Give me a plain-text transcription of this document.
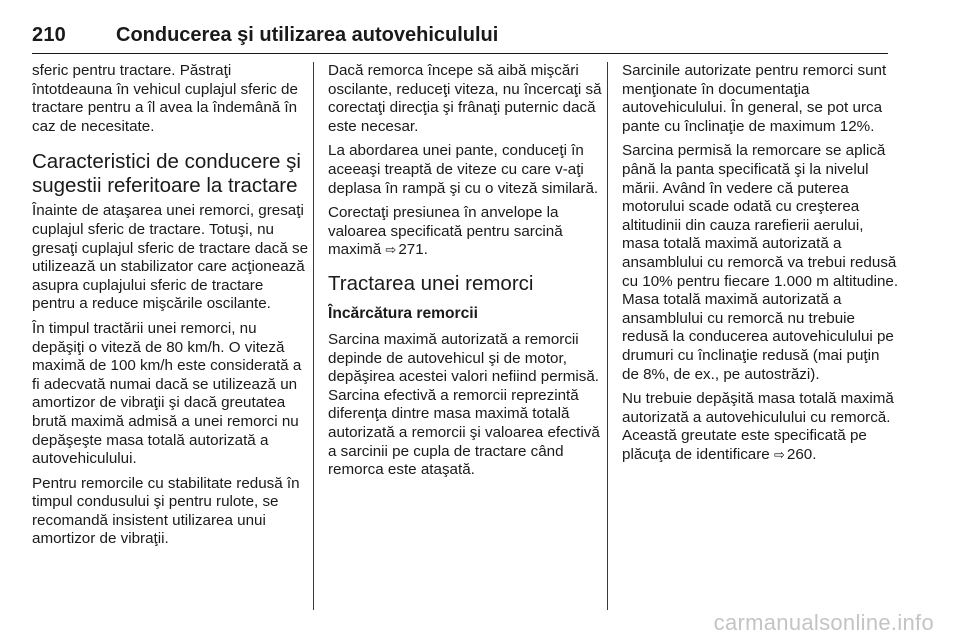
210	Conducerea şi utilizarea autovehiculului

sferic pentru tractare. Păstraţi întotdeauna în vehicul cuplajul sferic de tractare pentru a îl avea la îndemână în caz de necesitate.

Caracteristici de conducere şi sugestii referitoare la tractare

Înainte de ataşarea unei remorci, gresaţi cuplajul sferic de tractare. Totuşi, nu gresaţi cuplajul sferic de tractare dacă se utilizează un stabilizator care acţionează asupra cuplajului sferic de tractare pentru a reduce mişcările oscilante.

În timpul tractării unei remorci, nu depăşiţi o viteză de 80 km/h. O viteză maximă de 100 km/h este considerată a fi adecvată numai dacă se utilizează un amortizor de vibraţii şi dacă greutatea brută maximă admisă a unei remorci nu depăşeşte masa totală autorizată a autovehiculului.

Pentru remorcile cu stabilitate redusă în timpul condusului şi pentru rulote, se recomandă insistent utilizarea unui amortizor de vibraţii.

Dacă remorca începe să aibă mişcări oscilante, reduceţi viteza, nu încercaţi să corectaţi direcţia şi frânaţi puternic dacă este necesar.

La abordarea unei pante, conduceţi în aceeaşi treaptă de viteze cu care v-aţi deplasa în rampă şi cu o viteză similară.

Corectaţi presiunea în anvelope la valoarea specificată pentru sarcină maximă ⇨ 271.

Tractarea unei remorci
Încărcătura remorcii

Sarcina maximă autorizată a remorcii depinde de autovehicul şi de motor, depăşirea acestei valori nefiind permisă. Sarcina efectivă a remorcii reprezintă diferenţa dintre masa maximă totală autorizată a remorcii şi valoarea efectivă a sarcinii pe cupla de tractare când remorca este ataşată.

Sarcinile autorizate pentru remorci sunt menţionate în documentaţia autovehiculului. În general, se pot urca pante cu înclinaţie de maximum 12%.

Sarcina permisă la remorcare se aplică până la panta specificată şi la nivelul mării. Având în vedere că puterea motorului scade odată cu creşterea altitudinii din cauza rarefierii aerului, masa totală maximă autorizată a ansamblului cu remorcă va trebui redusă cu 10% pentru fiecare 1.000 m altitudine. Masa totală maximă autorizată a ansamblului cu remorcă nu trebuie redusă la conducerea autovehiculului pe drumuri cu înclinaţie redusă (mai puţin de 8%, de ex., pe autostrăzi).

Nu trebuie depăşită masa totală maximă autorizată a autovehiculului cu remorcă. Această greutate este specificată pe plăcuţa de identificare ⇨ 260.

carmanualsonline.info
